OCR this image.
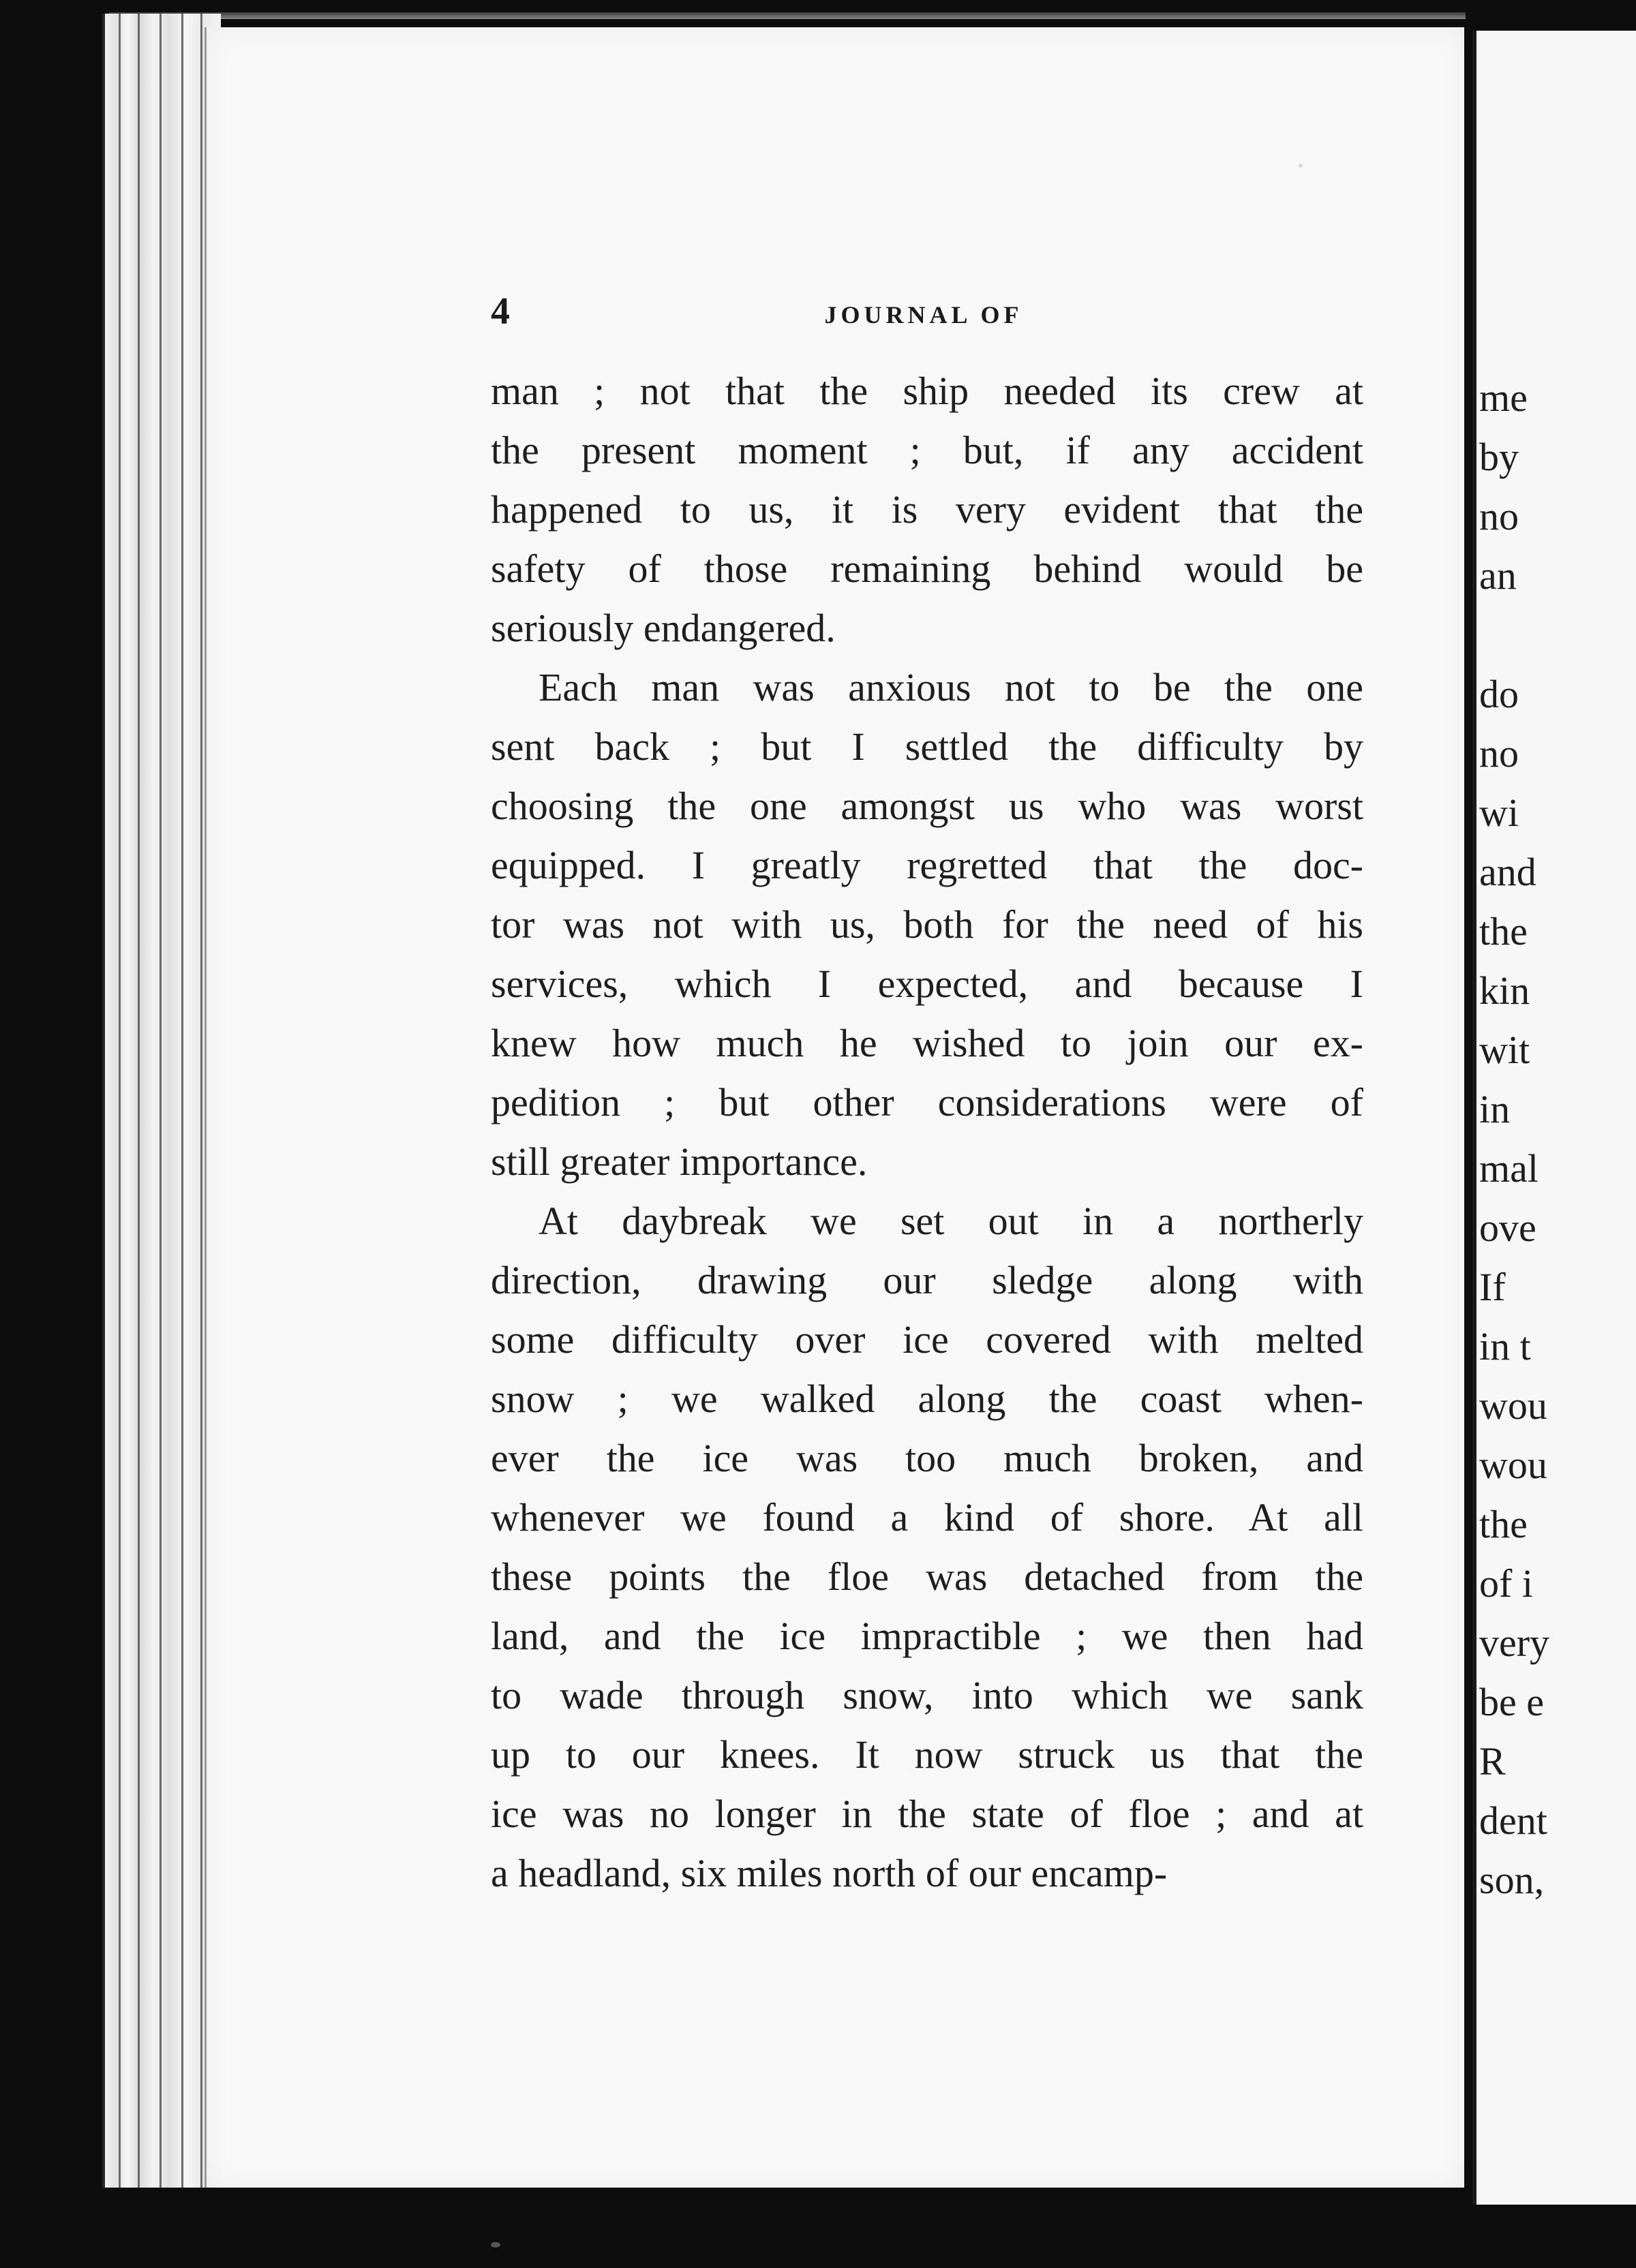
4	JOURNAL OF
man ; not that the ship needed its crew at
the present moment ; but, if any accident
happened to us, it is very evident that the
safety of those remaining behind would be
seriously endangered.
Each man was anxious not to be the one
sent back ; but I settled the difficulty by
choosing the one amongst us who was worst
equipped. I greatly regretted that the doc-
tor was not with us, both for the need of his
services, which I expected, and because I
knew how much he wished to join our ex-
pedition ; but other considerations were of
still greater importance.
At daybreak we set out in a northerly
direction, drawing our sledge along with
some difficulty over ice covered with melted
snow ; we walked along the coast when-
ever the ice was too much broken, and
whenever we found a kind of shore. At all
these points the floe was detached from the
land, and the ice impractible ; we then had
to wade through snow, into which we sank
up to our knees. It now struck us that the
ice was no longer in the state of floe ; and at
a headland, six miles north of our encamp-
me
by
no
an
do
no
wi
and
the
kin
wit
in
mal
ove
If
in t
wou
wou
the
of i
very
be e
R
dent
son,
